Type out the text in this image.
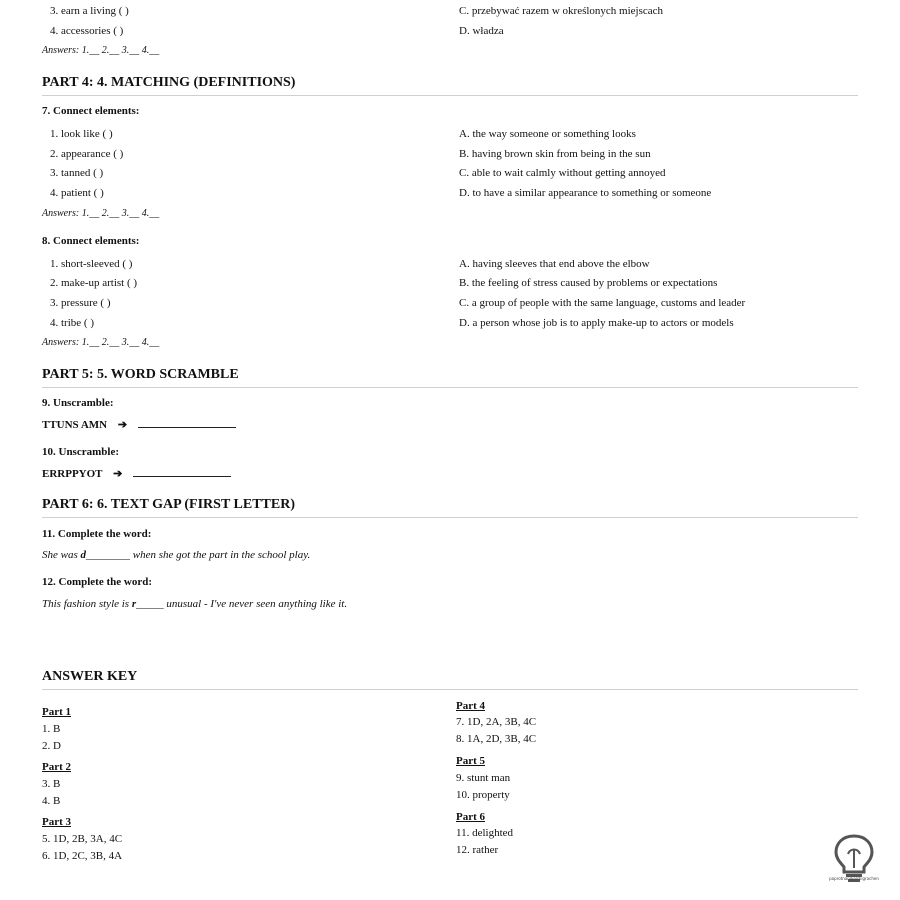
3. earn a living ( )
4. accessories ( )
C. przebywać razem w określonych miejscach
D. władza
Answers: 1.__ 2.__ 3.__ 4.__
PART 4: 4. MATCHING (DEFINITIONS)
7. Connect elements:
1. look like ( )
2. appearance ( )
3. tanned ( )
4. patient ( )
A. the way someone or something looks
B. having brown skin from being in the sun
C. able to wait calmly without getting annoyed
D. to have a similar appearance to something or someone
Answers: 1.__ 2.__ 3.__ 4.__
8. Connect elements:
1. short-sleeved ( )
2. make-up artist ( )
3. pressure ( )
4. tribe ( )
A. having sleeves that end above the elbow
B. the feeling of stress caused by problems or expectations
C. a group of people with the same language, customs and leader
D. a person whose job is to apply make-up to actors or models
Answers: 1.__ 2.__ 3.__ 4.__
PART 5: 5. WORD SCRAMBLE
9. Unscramble:
TTUNS AMN ➔
10. Unscramble:
ERRPPYOT ➔
PART 6: 6. TEXT GAP (FIRST LETTER)
11. Complete the word:
She was d________ when she got the part in the school play.
12. Complete the word:
This fashion style is r_____ unusual - I've never seen anything like it.
ANSWER KEY
Part 1
1. B
2. D
Part 2
3. B
4. B
Part 3
5. 1D, 2B, 3A, 4C
6. 1D, 2C, 3B, 4A
Part 4
7. 1D, 2A, 3B, 4C
8. 1A, 2D, 3B, 4C
Part 5
9. stunt man
10. property
Part 6
11. delighted
12. rather
paprotnangielskigrachen
